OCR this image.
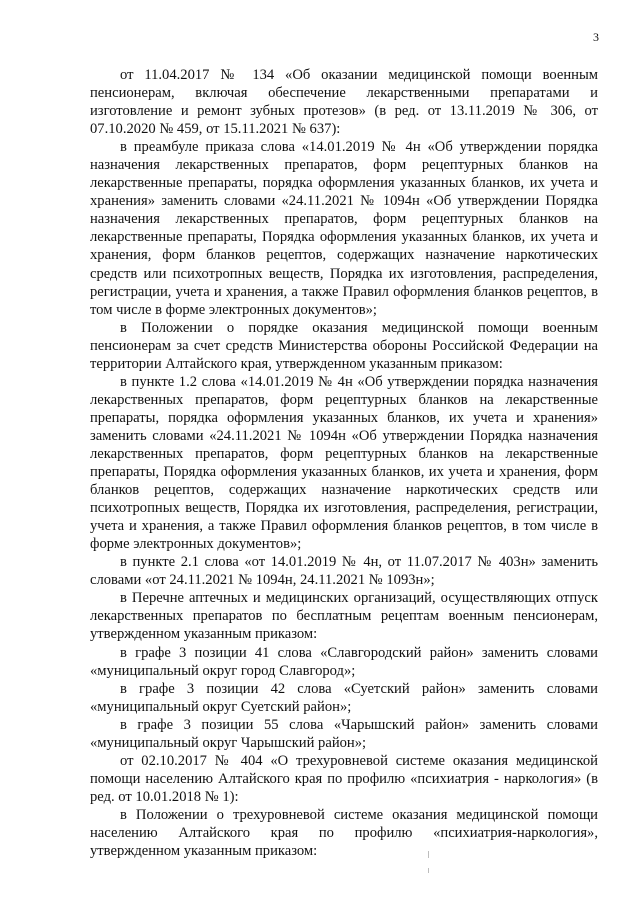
3

от 11.04.2017 № 134 «Об оказании медицинской помощи военным пенсионерам, включая обеспечение лекарственными препаратами и изготовление и ремонт зубных протезов» (в ред. от 13.11.2019 № 306, от 07.10.2020 № 459, от 15.11.2021 № 637):

в преамбуле приказа слова «14.01.2019 № 4н «Об утверждении порядка назначения лекарственных препаратов, форм рецептурных бланков на лекарственные препараты, порядка оформления указанных бланков, их учета и хранения» заменить словами «24.11.2021 № 1094н «Об утверждении Порядка назначения лекарственных препаратов, форм рецептурных бланков на лекарственные препараты, Порядка оформления указанных бланков, их учета и хранения, форм бланков рецептов, содержащих назначение наркотических средств или психотропных веществ, Порядка их изготовления, распределения, регистрации, учета и хранения, а также Правил оформления бланков рецептов, в том числе в форме электронных документов»;

в Положении о порядке оказания медицинской помощи военным пенсионерам за счет средств Министерства обороны Российской Федерации на территории Алтайского края, утвержденном указанным приказом:

в пункте 1.2 слова «14.01.2019 № 4н «Об утверждении порядка назначения лекарственных препаратов, форм рецептурных бланков на лекарственные препараты, порядка оформления указанных бланков, их учета и хранения» заменить словами «24.11.2021 № 1094н «Об утверждении Порядка назначения лекарственных препаратов, форм рецептурных бланков на лекарственные препараты, Порядка оформления указанных бланков, их учета и хранения, форм бланков рецептов, содержащих назначение наркотических средств или психотропных веществ, Порядка их изготовления, распределения, регистрации, учета и хранения, а также Правил оформления бланков рецептов, в том числе в форме электронных документов»;

в пункте 2.1 слова «от 14.01.2019 № 4н, от 11.07.2017 № 403н» заменить словами «от 24.11.2021 № 1094н, 24.11.2021 № 1093н»;

в Перечне аптечных и медицинских организаций, осуществляющих отпуск лекарственных препаратов по бесплатным рецептам военным пенсионерам, утвержденном указанным приказом:

в графе 3 позиции 41 слова «Славгородский район» заменить словами «муниципальный округ город Славгород»;

в графе 3 позиции 42 слова «Суетский район» заменить словами «муниципальный округ Суетский район»;

в графе 3 позиции 55 слова «Чарышский район» заменить словами «муниципальный округ Чарышский район»;

от 02.10.2017 № 404 «О трехуровневой системе оказания медицинской помощи населению Алтайского края по профилю «психиатрия - наркология» (в ред. от 10.01.2018 № 1):

в Положении о трехуровневой системе оказания медицинской помощи населению Алтайского края по профилю «психиатрия-наркология», утвержденном указанным приказом:
